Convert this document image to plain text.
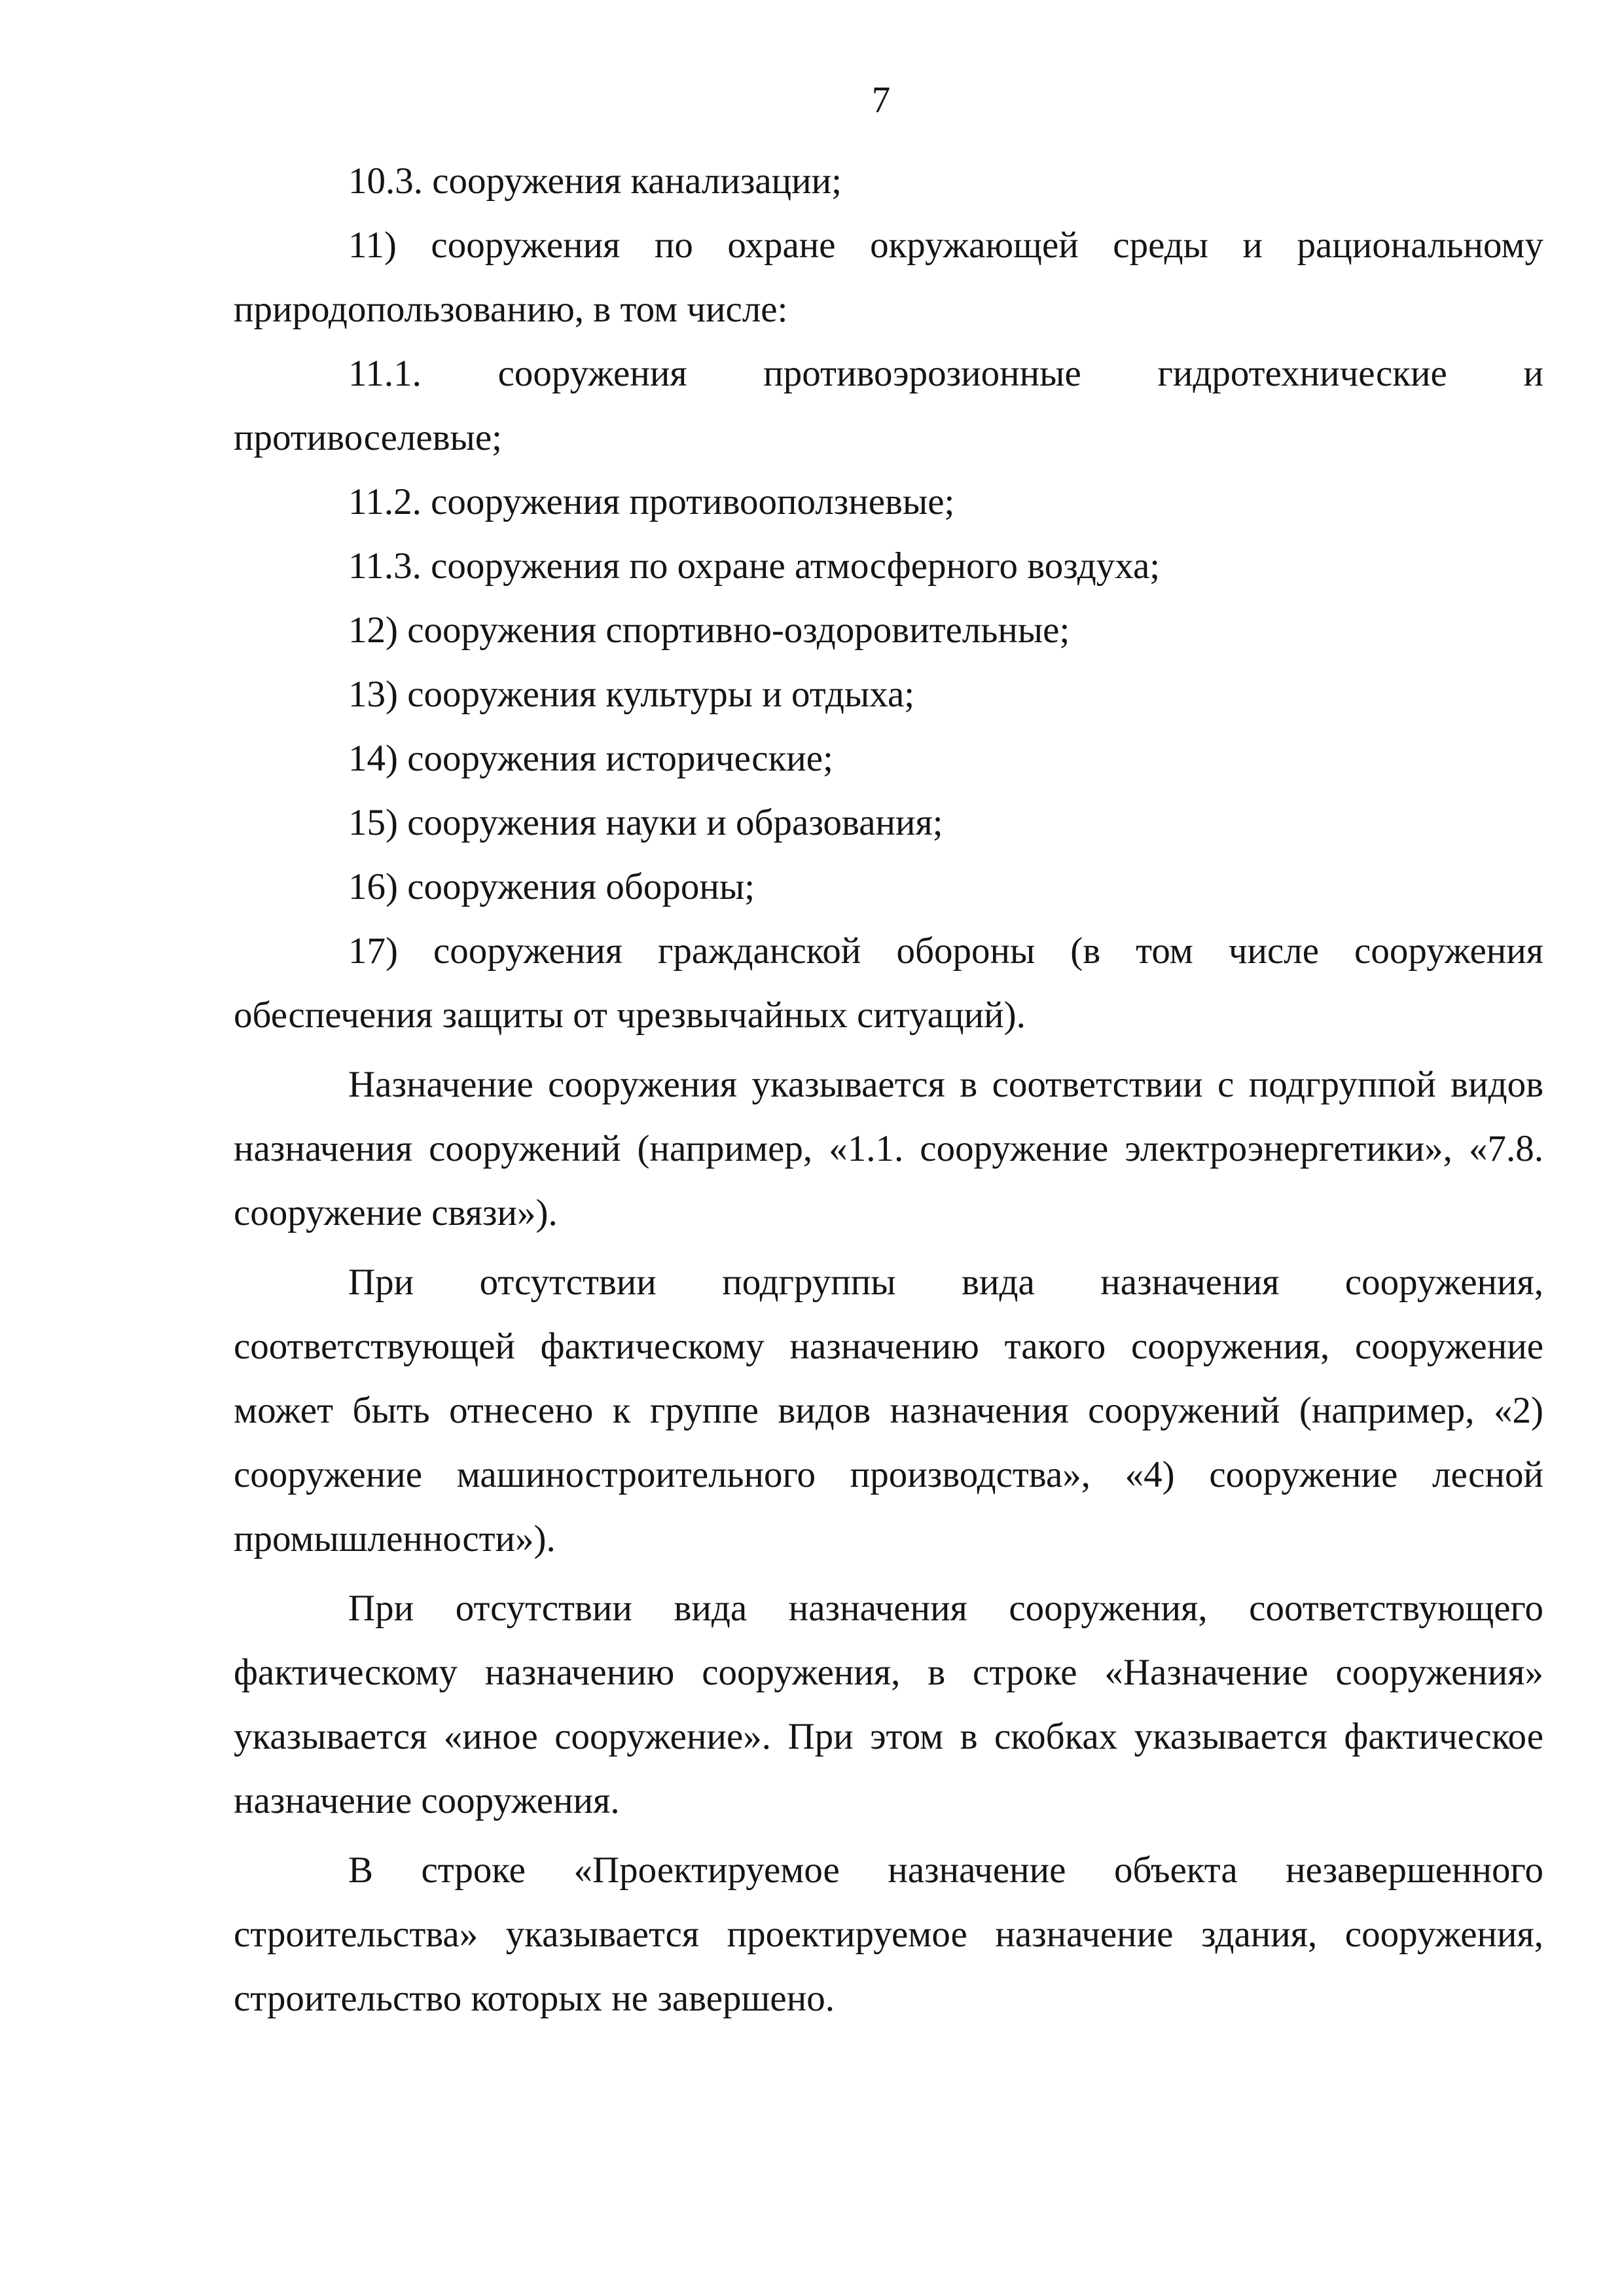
7

10.3. сооружения канализации;

11) сооружения по охране окружающей среды и рациональному природопользованию, в том числе:

11.1. сооружения противоэрозионные гидротехнические и противоселевые;

11.2. сооружения противооползневые;

11.3. сооружения по охране атмосферного воздуха;

12) сооружения спортивно-оздоровительные;

13) сооружения культуры и отдыха;

14) сооружения исторические;

15) сооружения науки и образования;

16) сооружения обороны;

17) сооружения гражданской обороны (в том числе сооружения обеспечения защиты от чрезвычайных ситуаций).

Назначение сооружения указывается в соответствии с подгруппой видов назначения сооружений (например, «1.1. сооружение электроэнергетики», «7.8. сооружение связи»).

При отсутствии подгруппы вида назначения сооружения, соответствующей фактическому назначению такого сооружения, сооружение может быть отнесено к группе видов назначения сооружений (например, «2) сооружение машиностроительного производства», «4) сооружение лесной промышленности»).

При отсутствии вида назначения сооружения, соответствующего фактическому назначению сооружения, в строке «Назначение сооружения» указывается «иное сооружение». При этом в скобках указывается фактическое назначение сооружения.

В строке «Проектируемое назначение объекта незавершенного строительства» указывается проектируемое назначение здания, сооружения, строительство которых не завершено.
